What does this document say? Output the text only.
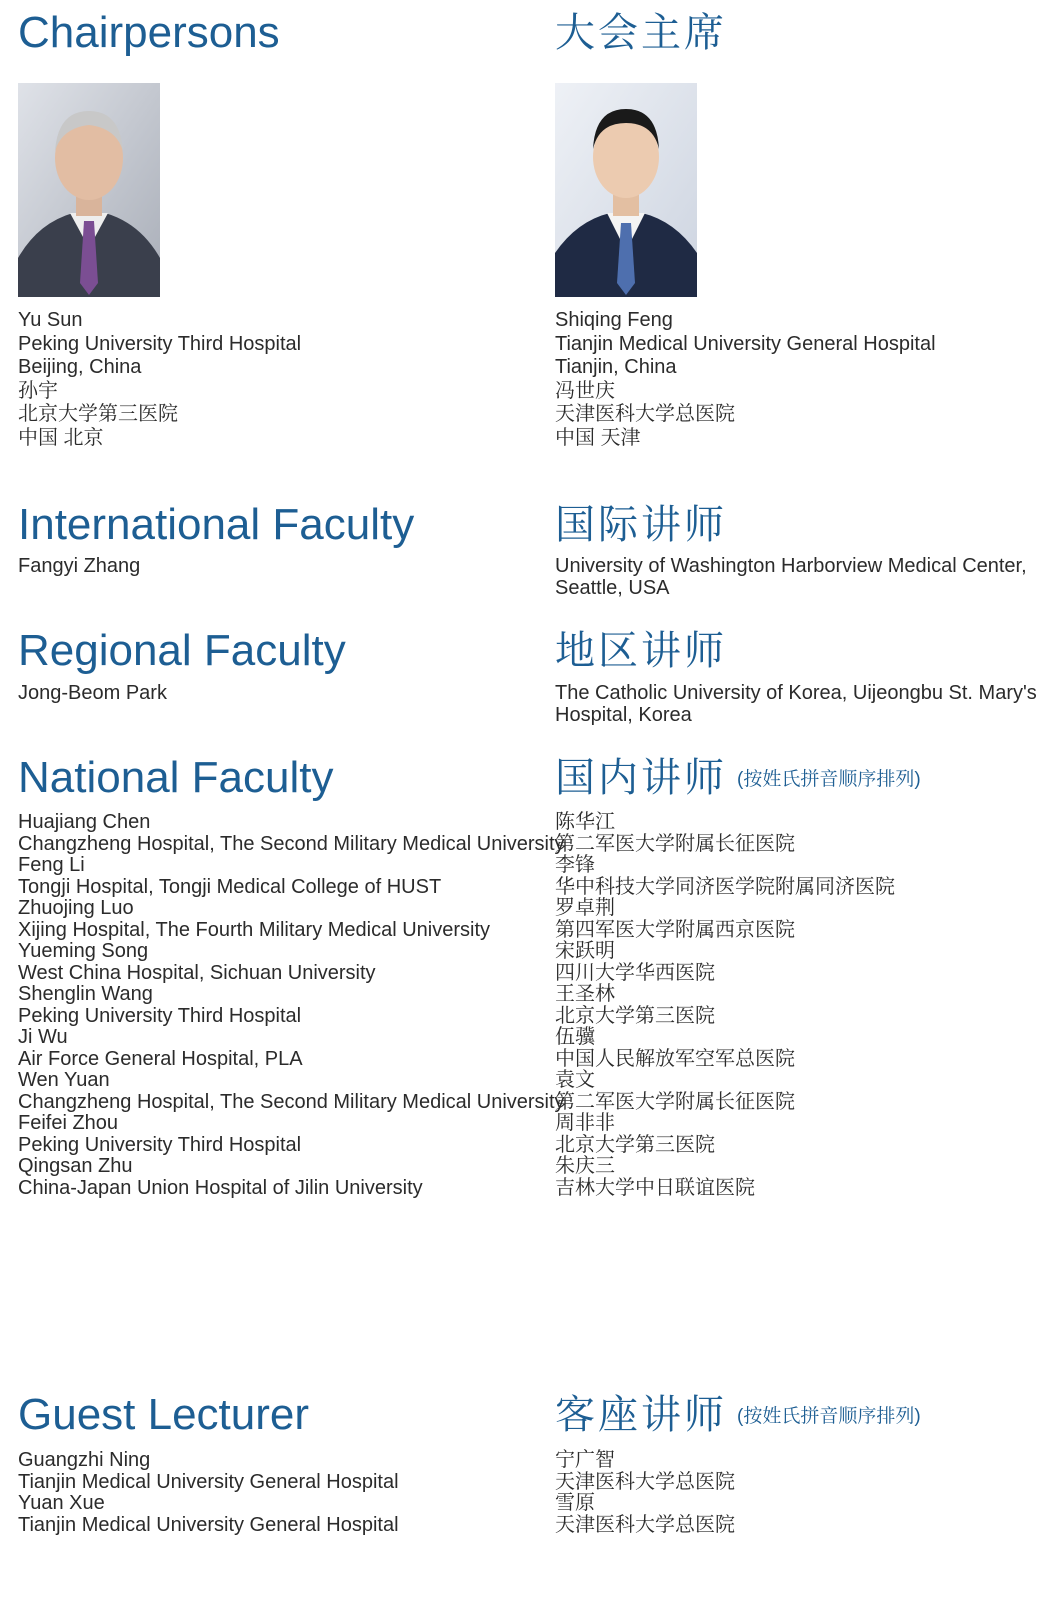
Chairpersons	大会主席
Yu Sun
Peking University Third Hospital
Beijing, China
孙宇
北京大学第三医院
中国 北京
Shiqing Feng
Tianjin Medical University General Hospital
Tianjin, China
冯世庆
天津医科大学总医院
中国 天津
International Faculty	国际讲师
Fangyi Zhang	University of Washington Harborview Medical Center,
Seattle, USA
Regional Faculty	地区讲师
Jong-Beom Park	The Catholic University of Korea, Uijeongbu St. Mary's
Hospital, Korea
National Faculty	国内讲师 (按姓氏拼音顺序排列)
Huajiang Chen
Changzheng Hospital, The Second Military Medical University
Feng Li
Tongji Hospital, Tongji Medical College of HUST
Zhuojing Luo
Xijing Hospital, The Fourth Military Medical University
Yueming Song
West China Hospital, Sichuan University
Shenglin Wang
Peking University Third Hospital
Ji Wu
Air Force General Hospital, PLA
Wen Yuan
Changzheng Hospital, The Second Military Medical University
Feifei Zhou
Peking University Third Hospital
Qingsan Zhu
China-Japan Union Hospital of Jilin University
陈华江
第二军医大学附属长征医院
李锋
华中科技大学同济医学院附属同济医院
罗卓荆
第四军医大学附属西京医院
宋跃明
四川大学华西医院
王圣林
北京大学第三医院
伍骥
中国人民解放军空军总医院
袁文
第二军医大学附属长征医院
周非非
北京大学第三医院
朱庆三
吉林大学中日联谊医院
Guest Lecturer	客座讲师 (按姓氏拼音顺序排列)
Guangzhi Ning
Tianjin Medical University General Hospital
Yuan Xue
Tianjin Medical University General Hospital
宁广智
天津医科大学总医院
雪原
天津医科大学总医院
